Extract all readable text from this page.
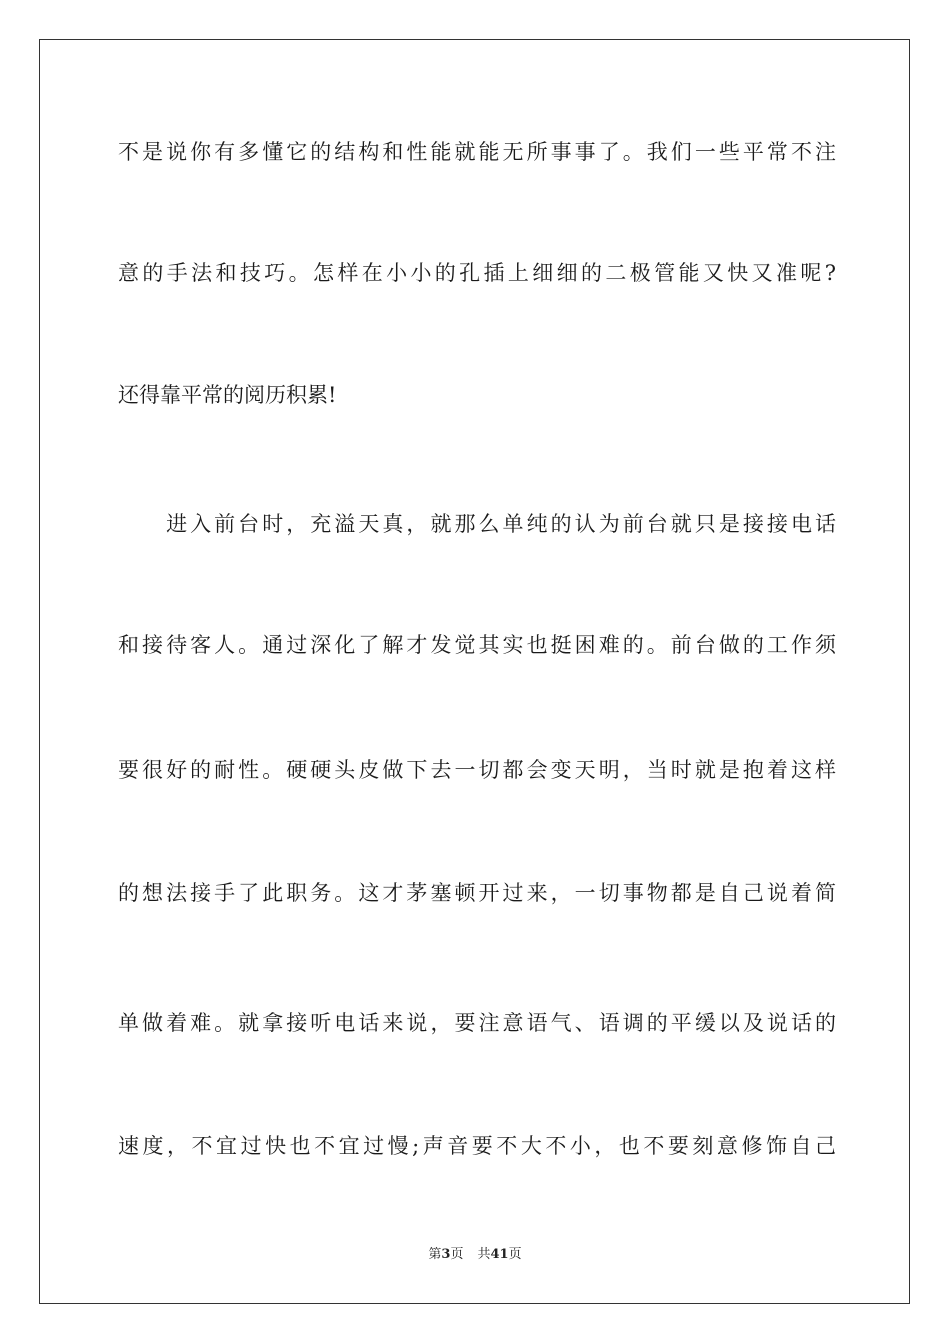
不是说你有多懂它的结构和性能就能无所事事了。我们一些平常不注
意的手法和技巧。怎样在小小的孔插上细细的二极管能又快又准呢?
还得靠平常的阅历积累!
　　进入前台时，充溢天真，就那么单纯的认为前台就只是接接电话
和接待客人。通过深化了解才发觉其实也挺困难的。前台做的工作须
要很好的耐性。硬硬头皮做下去一切都会变天明，当时就是抱着这样
的想法接手了此职务。这才茅塞顿开过来，一切事物都是自己说着简
单做着难。就拿接听电话来说，要注意语气、语调的平缓以及说话的
速度，不宜过快也不宜过慢;声音要不大不小，也不要刻意修饰自己
第3页 共41页
